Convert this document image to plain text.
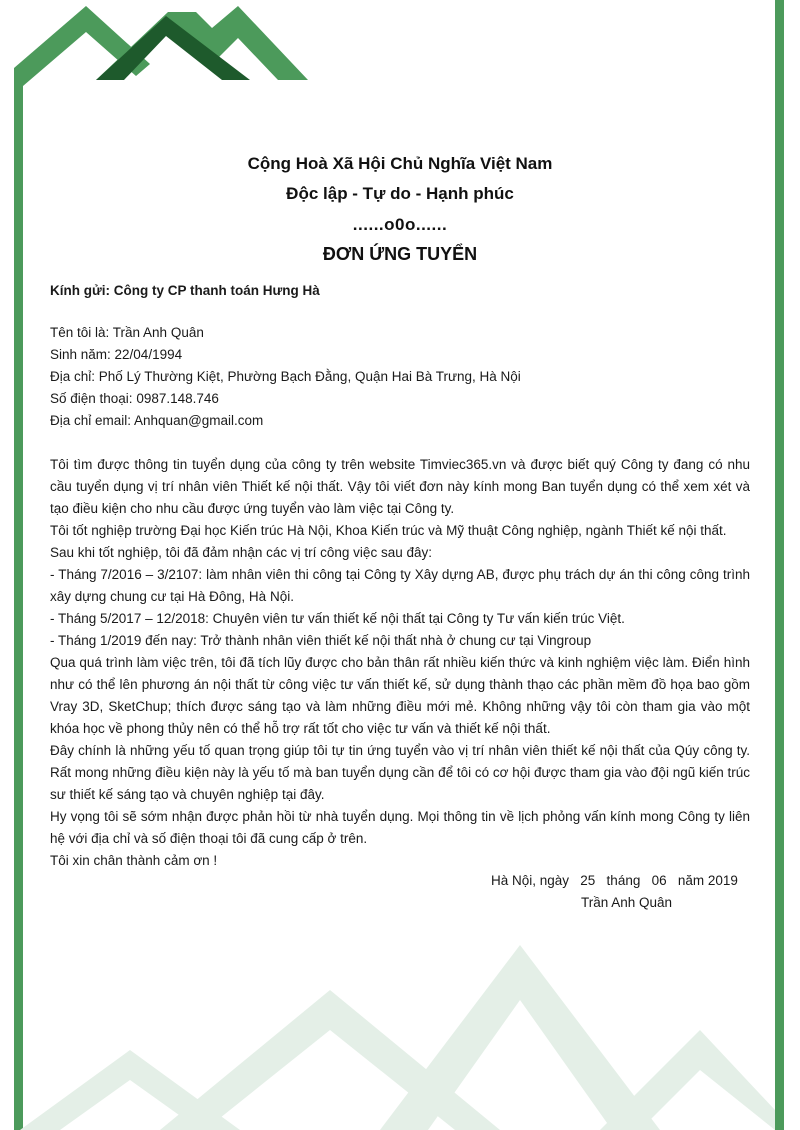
Cộng Hoà Xã Hội Chủ Nghĩa Việt Nam
Độc lập - Tự do - Hạnh phúc
......o0o......
ĐƠN ỨNG TUYỂN
Kính gửi: Công ty CP thanh toán Hưng Hà
Tên tôi là: Trần Anh Quân
Sinh năm: 22/04/1994
Địa chỉ: Phố Lý Thường Kiệt, Phường Bạch Đằng, Quận Hai Bà Trưng, Hà Nội
Số điện thoại: 0987.148.746
Địa chỉ email: Anhquan@gmail.com

Tôi tìm được thông tin tuyển dụng của công ty trên website Timviec365.vn và được biết quý Công ty đang có nhu cầu tuyển dụng vị trí nhân viên Thiết kế nội thất. Vậy tôi viết đơn này kính mong Ban tuyển dụng có thể xem xét và tạo điều kiện cho nhu cầu được ứng tuyển vào làm việc tại Công ty.

Tôi tốt nghiệp trường Đại học Kiến trúc Hà Nội, Khoa Kiến trúc và Mỹ thuật Công nghiệp, ngành Thiết kế nội thất.

Sau khi tốt nghiệp, tôi đã đảm nhận các vị trí công việc sau đây:

- Tháng 7/2016 – 3/2107: làm nhân viên thi công tại Công ty Xây dựng AB, được phụ trách dự án thi công công trình xây dựng chung cư tại Hà Đông, Hà Nội.

- Tháng 5/2017 – 12/2018: Chuyên viên tư vấn thiết kế nội thất tại Công ty Tư vấn kiến trúc Việt.

- Tháng 1/2019 đến nay: Trở thành nhân viên thiết kế nội thất nhà ở chung cư tại Vingroup

Qua quá trình làm việc trên, tôi đã tích lũy được cho bản thân rất nhiều kiến thức và kinh nghiệm việc làm. Điển hình như có thể lên phương án nội thất từ công việc tư vấn thiết kế, sử dụng thành thạo các phần mềm đồ họa bao gồm Vray 3D, SketChup; thích được sáng tạo và làm những điều mới mẻ. Không những vậy tôi còn tham gia vào một khóa học về phong thủy nên có thể hỗ trợ rất tốt cho việc tư vấn và thiết kế nội thất.

Đây chính là những yếu tố quan trọng giúp tôi tự tin ứng tuyển vào vị trí nhân viên thiết kế nội thất của Qúy công ty. Rất mong những điều kiện này là yếu tố mà ban tuyển dụng cần để tôi có cơ hội được tham gia vào đội ngũ kiến trúc sư thiết kế sáng tạo và chuyên nghiệp tại đây.

Hy vọng tôi sẽ sớm nhận được phản hồi từ nhà tuyển dụng. Mọi thông tin về lịch phỏng vấn kính mong Công ty liên hệ với địa chỉ và số điện thoại tôi đã cung cấp ở trên.

Tôi xin chân thành cảm ơn !

Hà Nội, ngày   25   tháng   06   năm 2019
Trần Anh Quân
